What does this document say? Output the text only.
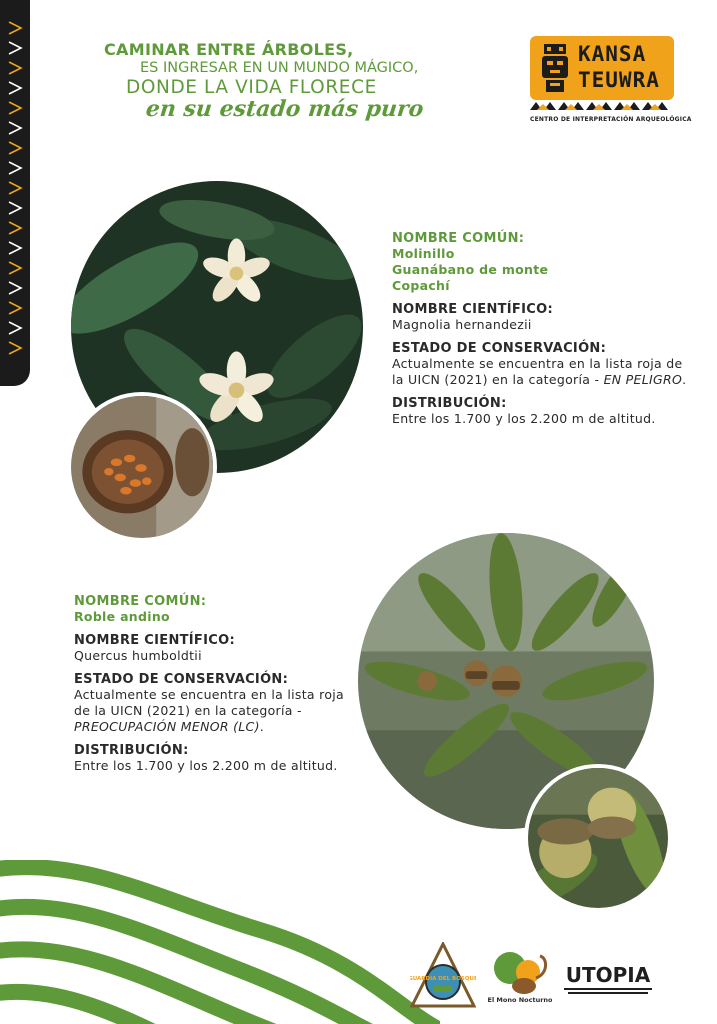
CAMINAR ENTRE ÁRBOLES,
ES INGRESAR EN UN MUNDO MÁGICO,
DONDE LA VIDA FLORECE
en su estado más puro
KANSA
TEUWRA
CENTRO DE INTERPRETACIÓN ARQUEOLÓGICA
NOMBRE COMÚN:
Molinillo
Guanábano de monte
Copachí
NOMBRE CIENTÍFICO:
Magnolia hernandezii
ESTADO DE CONSERVACIÓN:
Actualmente se encuentra en la lista roja de la UICN (2021) en la categoría - EN PELIGRO.
DISTRIBUCIÓN:
Entre los 1.700 y los 2.200 m de altitud.
NOMBRE COMÚN:
Roble andino
NOMBRE CIENTÍFICO:
Quercus humboldtii
ESTADO DE CONSERVACIÓN:
Actualmente se encuentra en la lista roja de la UICN (2021) en la categoría - PREOCUPACIÓN MENOR (LC).
DISTRIBUCIÓN:
Entre los 1.700 y los 2.200 m de altitud.
GUARDIA DEL BOSQUE
El Mono Nocturno
UTOPIA
